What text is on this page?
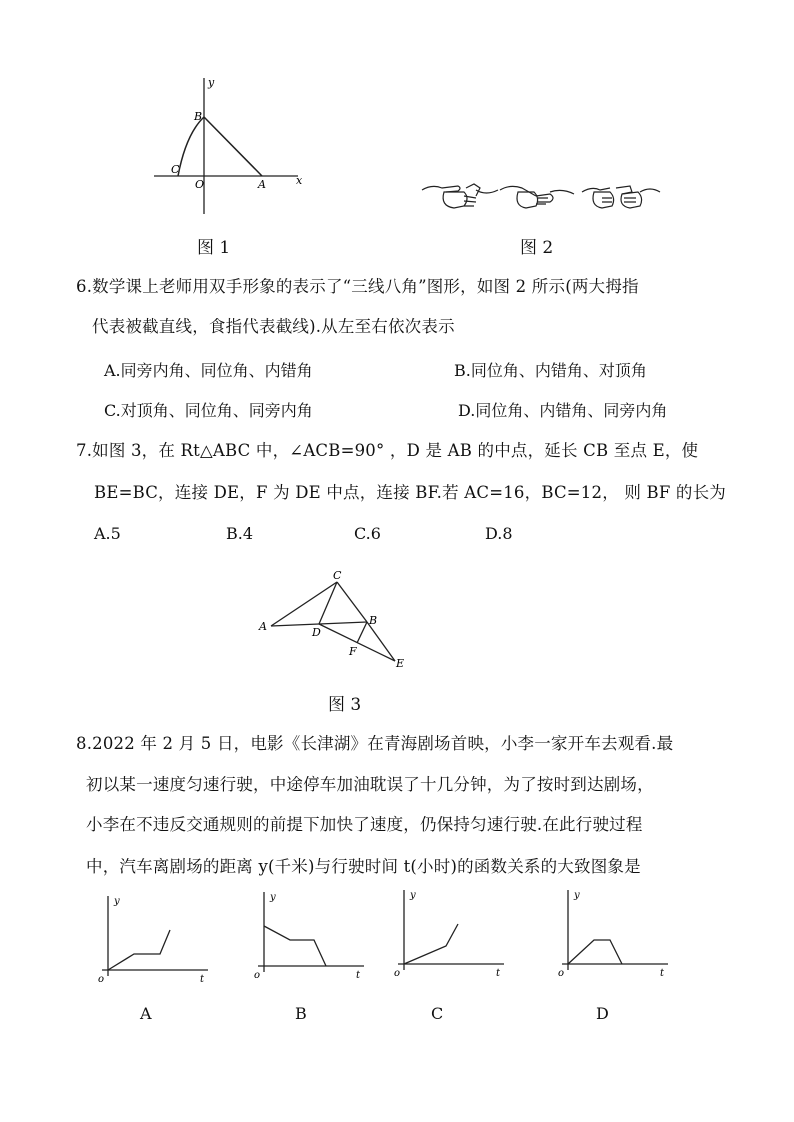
y
x
B
C
O	A
图 1	图 2
6.数学课上老师用双手形象的表示了“三线八角”图形，如图 2 所示(两大拇指
代表被截直线，食指代表截线).从左至右依次表示
A.同旁内角、同位角、内错角	B.同位角、内错角、对顶角
C.对顶角、同位角、同旁内角	D.同位角、内错角、同旁内角
7.如图 3，在 Rt△ABC 中，∠ACB=90° ，D 是 AB 的中点，延长 CB 至点 E，使
BE=BC，连接 DE，F 为 DE 中点，连接 BF.若 AC=16，BC=12， 则 BF 的长为
A.5	B.4	C.6	D.8
A
C
B
D
F
E
图 3
8.2022 年 2 月 5 日，电影《长津湖》在青海剧场首映，小李一家开车去观看.最
初以某一速度匀速行驶，中途停车加油耽误了十几分钟，为了按时到达剧场，
小李在不违反交通规则的前提下加快了速度，仍保持匀速行驶.在此行驶过程
中，汽车离剧场的距离 y(千米)与行驶时间 t(小时)的函数关系的大致图象是
y
t
o
A
y
t
o
B
y
t
o
C
y
t
o
D
